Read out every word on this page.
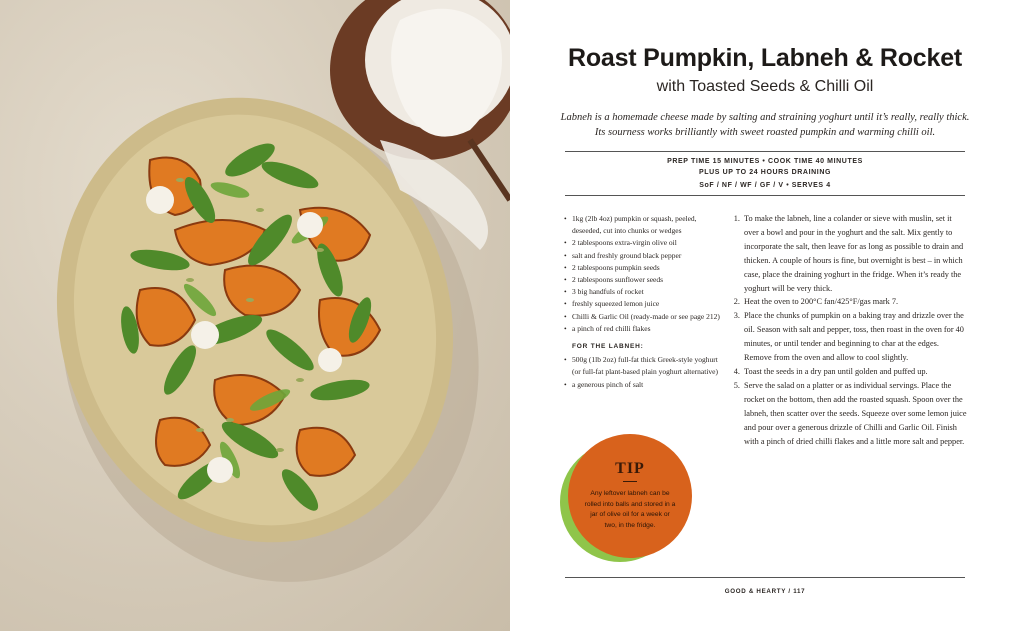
Roast Pumpkin, Labneh & Rocket
with Toasted Seeds & Chilli Oil
Labneh is a homemade cheese made by salting and straining yoghurt until it’s really, really thick. Its sourness works brilliantly with sweet roasted pumpkin and warming chilli oil.
PREP TIME 15 MINUTES • COOK TIME 40 MINUTES
PLUS UP TO 24 HOURS DRAINING
SoF / NF / WF / GF / V • SERVES 4
• 1kg (2lb 4oz) pumpkin or squash, peeled, deseeded, cut into chunks or wedges
• 2 tablespoons extra-virgin olive oil
• salt and freshly ground black pepper
• 2 tablespoons pumpkin seeds
• 2 tablespoons sunflower seeds
• 3 big handfuls of rocket
• freshly squeezed lemon juice
• Chilli & Garlic Oil (ready-made or see page 212)
• a pinch of red chilli flakes
FOR THE LABNEH:
• 500g (1lb 2oz) full-fat thick Greek-style yoghurt (or full-fat plant-based plain yoghurt alternative)
• a generous pinch of salt
1. To make the labneh, line a colander or sieve with muslin, set it over a bowl and pour in the yoghurt and the salt. Mix gently to incorporate the salt, then leave for as long as possible to drain and thicken. A couple of hours is fine, but overnight is best – in which case, place the draining yoghurt in the fridge. When it’s ready the yoghurt will be very thick.
2. Heat the oven to 200°C fan/425°F/gas mark 7.
3. Place the chunks of pumpkin on a baking tray and drizzle over the oil. Season with salt and pepper, toss, then roast in the oven for 40 minutes, or until tender and beginning to char at the edges. Remove from the oven and allow to cool slightly.
4. Toast the seeds in a dry pan until golden and puffed up.
5. Serve the salad on a platter or as individual servings. Place the rocket on the bottom, then add the roasted squash. Spoon over the labneh, then scatter over the seeds. Squeeze over some lemon juice and pour over a generous drizzle of Chilli and Garlic Oil. Finish with a pinch of dried chilli flakes and a little more salt and pepper.
TIP
Any leftover labneh can be rolled into balls and stored in a jar of olive oil for a week or two, in the fridge.
GOOD & HEARTY / 117
